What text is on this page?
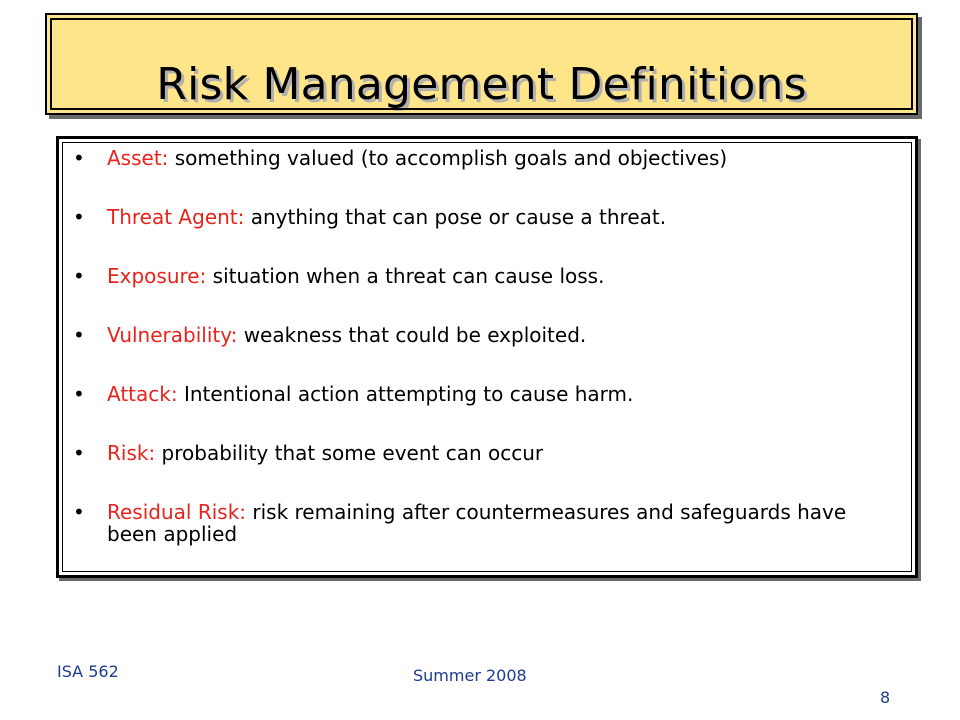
Risk Management Definitions
• Asset: something valued (to accomplish goals and objectives)
• Threat Agent: anything that can pose or cause a threat.
• Exposure: situation when a threat can cause loss.
• Vulnerability: weakness that could be exploited.
• Attack: Intentional action attempting to cause harm.
• Risk: probability that some event can occur
• Residual Risk: risk remaining after countermeasures and safeguards have been applied
ISA 562	Summer 2008
8
